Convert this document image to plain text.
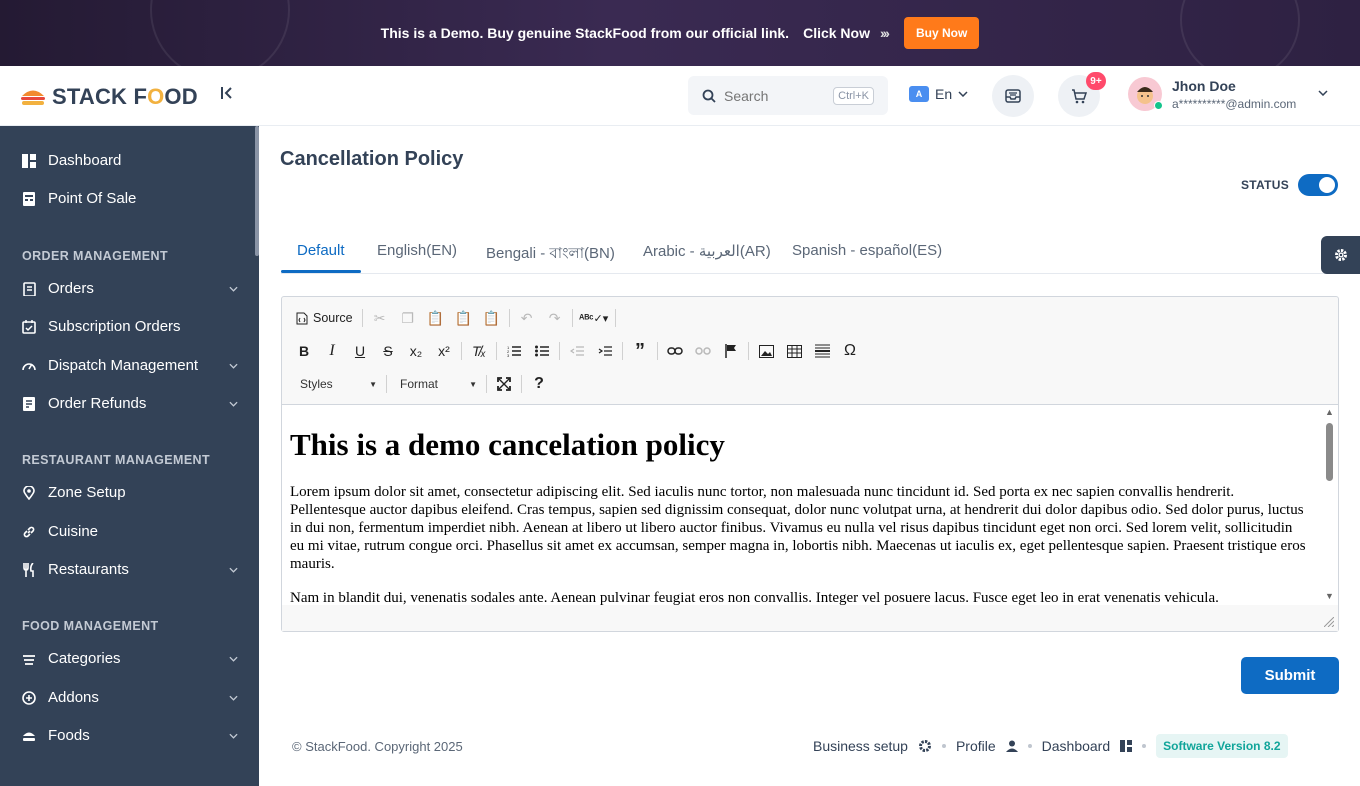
This is a Demo. Buy genuine StackFood from our official link. Click Now ›››	Buy Now
STACK FOOD
Search	Ctrl+K	A En
9+	Jhon Doe
a**********@admin.com
Dashboard
Point Of Sale
ORDER MANAGEMENT
Orders
Subscription Orders
Dispatch Management
Order Refunds
RESTAURANT MANAGEMENT
Zone Setup
Cuisine
Restaurants
FOOD MANAGEMENT
Categories
Addons
Foods
Cancellation Policy
STATUS
Default English(EN) Bengali - বাংলা(BN) Arabic - العربية(AR) Spanish - español(ES)
Source	✂	❐ 📋 📋 📋	↶	↷	ᴬᴮᶜ✓▾
B	I	U	S	x₂	x²	T̸ₓ	1
2
3	”	Ω
Styles	▼ Format	▼	?
This is a demo cancelation policy

Lorem ipsum dolor sit amet, consectetur adipiscing elit. Sed iaculis nunc tortor, non malesuada nunc tincidunt id. Sed porta ex nec sapien convallis hendrerit. Pellentesque auctor dapibus eleifend. Cras tempus, sapien sed dignissim consequat, dolor nunc volutpat urna, at hendrerit dui dolor dapibus odio. Sed dolor purus, luctus in dui non, fermentum imperdiet nibh. Aenean at libero ut libero auctor finibus. Vivamus eu nulla vel risus dapibus tincidunt eget non orci. Sed lorem velit, sollicitudin eu mi vitae, rutrum congue orci. Phasellus sit amet ex accumsan, semper magna in, lobortis nibh. Maecenas ut iaculis ex, eget pellentesque sapien. Praesent tristique eros mauris.

Nam in blandit dui, venenatis sodales ante. Aenean pulvinar feugiat eros non convallis. Integer vel posuere lacus. Fusce eget leo in erat venenatis vehicula.

▲
▼
Submit
© StackFood. Copyright 2025	Business setup	Profile	Dashboard	Software Version 8.2
